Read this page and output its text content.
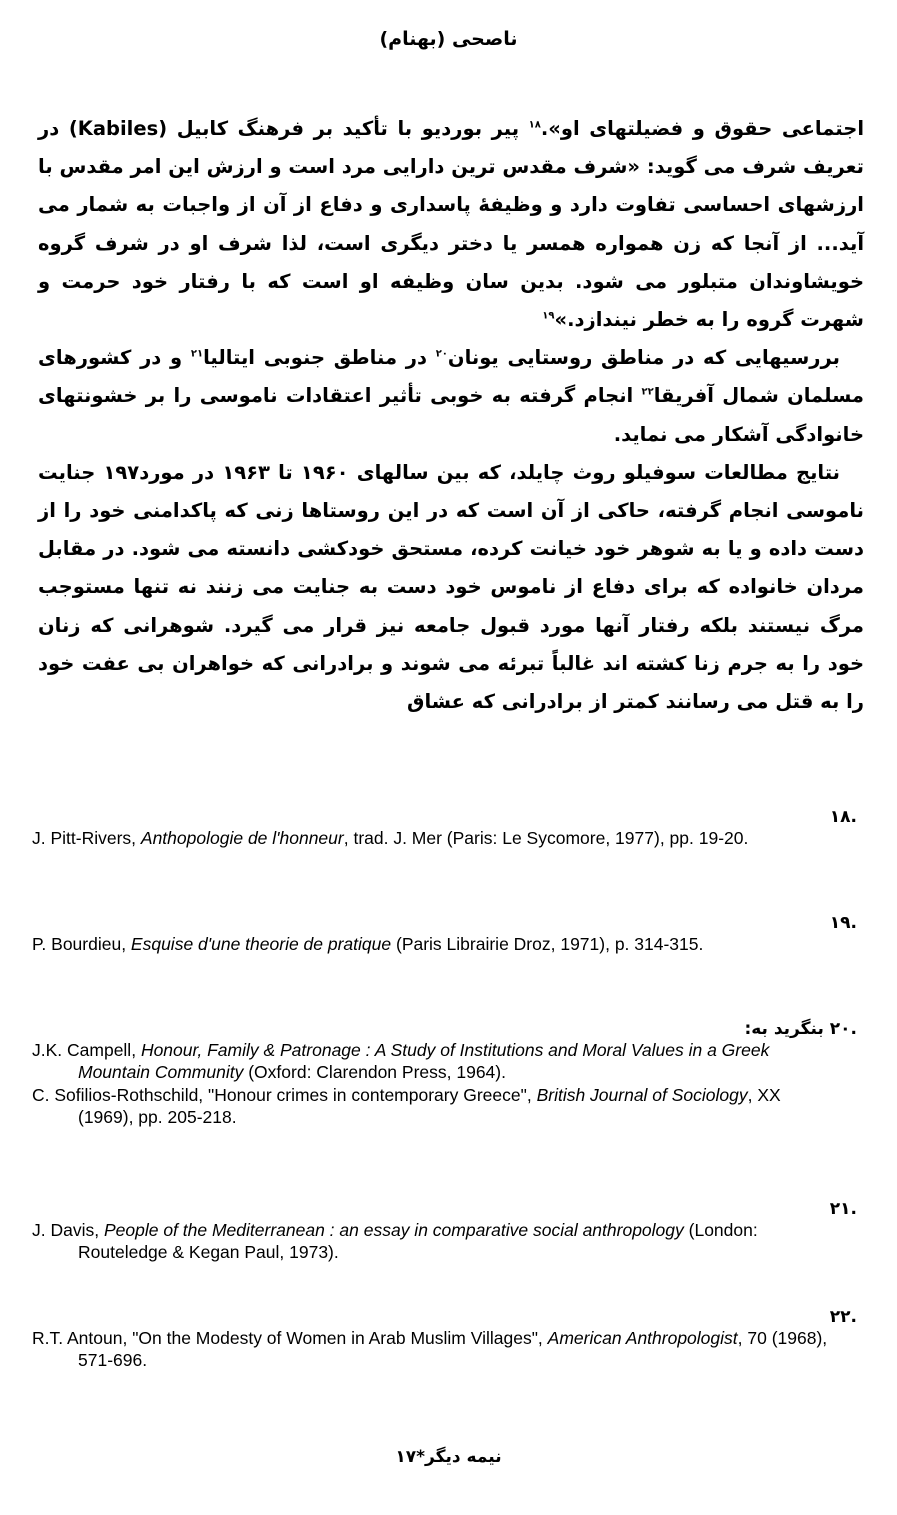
ناصحی (بهنام)

اجتماعی حقوق و فضیلتهای او».$^{۱۸}$ پیر بوردیو با تأکید بر فرهنگ کابیل (Kabiles) در تعریف شرف می گوید: «شرف مقدس ترین دارایی مرد است و ارزش این امر مقدس با ارزشهای احساسی تفاوت دارد و وظیفهٔ پاسداری و دفاع از آن از واجبات به شمار می آید... از آنجا که زن همواره همسر یا دختر دیگری است، لذا شرف او در شرف گروه خویشاوندان متبلور می شود. بدین سان وظیفه او است که با رفتار خود حرمت و شهرت گروه را به خطر نیندازد.»$^{۱۹}$

بررسیهایی که در مناطق روستایی یونان$^{۲۰}$ در مناطق جنوبی ایتالیا$^{۲۱}$ و در کشورهای مسلمان شمال آفریقا$^{۲۲}$ انجام گرفته به خوبی تأثیر اعتقادات ناموسی را بر خشونتهای خانوادگی آشکار می نماید.

نتایج مطالعات سوفیلو روث چایلد، که بین سالهای ۱۹۶۰ تا ۱۹۶۳ در مورد۱۹۷ جنایت ناموسی انجام گرفته، حاکی از آن است که در این روستاها زنی که پاکدامنی خود را از دست داده و یا به شوهر خود خیانت کرده، مستحق خودکشی دانسته می شود. در مقابل مردان خانواده که برای دفاع از ناموس خود دست به جنایت می زنند نه تنها مستوجب مرگ نیستند بلکه رفتار آنها مورد قبول جامعه نیز قرار می گیرد. شوهرانی که زنان خود را به جرم زنا کشته اند غالباً تبرئه می شوند و برادرانی که خواهران بی عفت خود را به قتل می رسانند کمتر از برادرانی که عشاق

.۱۸
J. Pitt-Rivers, Anthopologie de l'honneur, trad. J. Mer (Paris: Le Sycomore, 1977), pp. 19-20.
.۱۹
P. Bourdieu, Esquise d'une theorie de pratique (Paris Librairie Droz, 1971), p. 314-315.
.۲۰ بنگرید به:
J.K. Campell, Honour, Family & Patronage : A Study of Institutions and Moral Values in a Greek Mountain Community (Oxford: Clarendon Press, 1964).
C. Sofilios-Rothschild, "Honour crimes in contemporary Greece", British Journal of Sociology, XX (1969), pp. 205-218.
.۲۱
J. Davis, People of the Mediterranean : an essay in comparative social anthropology (London: Routeledge & Kegan Paul, 1973).
.۲۲
R.T. Antoun, "On the Modesty of Women in Arab Muslim Villages", American Anthropologist, 70 (1968), 571-696.
نیمه دیگر*۱۷
